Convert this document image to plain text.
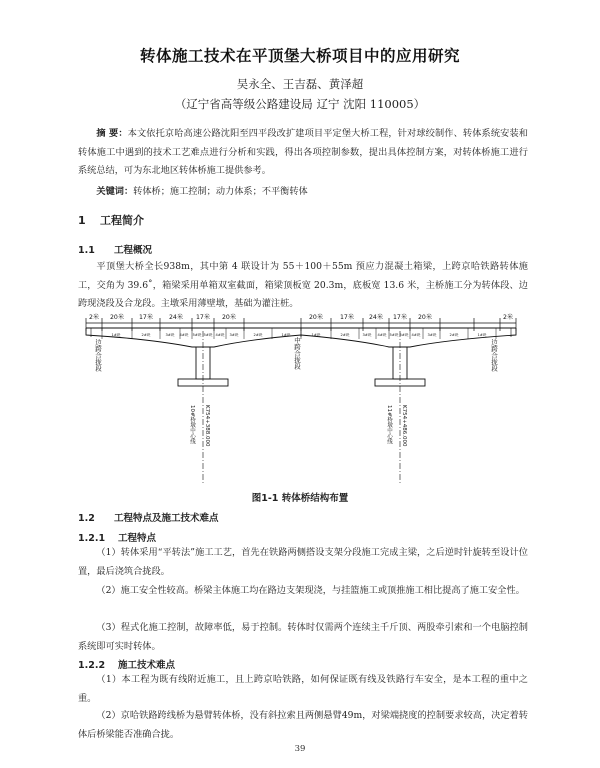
转体施工技术在平顶堡大桥项目中的应用研究
吴永全、王吉磊、黄泽超
（辽宁省高等级公路建设局 辽宁 沈阳 110005）
摘 要：本文依托京哈高速公路沈阳至四平段改扩建项目平定堡大桥工程，针对球绞制作、转体系统安装和转体施工中遇到的技术工艺难点进行分析和实践，得出各项控制参数，提出具体控制方案，对转体桥施工进行系统总结，可为东北地区转体桥施工提供参考。
关键词：转体桥；施工控制；动力体系；不平衡转体
1 工程简介
1.1 工程概况
平顶堡大桥全长938m，其中第 4 联设计为 55＋100＋55m 预应力混凝土箱梁，上跨京哈铁路转体施工，交角为 39.6˚，箱梁采用单箱双室截面，箱梁顶板宽 20.3m，底板宽 13.6 米，主桥施工分为转体段、边跨现浇段及合龙段。主墩采用薄壁墩，基础为灌注桩。
2米 20米 17米	24米 17米 20米	20米	17米 24米 17米 20米	2米
1#块	2#块	3#块 4#块 5#块 5#块 4#块 3#块	2#块	1#块	1#块	2#块	3#块 4#块 5#块 5#块 4#块 3#块	2#块	1#块
边跨合拢段	中跨合拢段	边跨合拢段
10#桥墩中心线 K754+388.000	11#桥墩中心线 K754+486.000
图1-1 转体桥结构布置
1.2 工程特点及施工技术难点
1.2.1 工程特点
（1）转体采用“平转法”施工工艺，首先在铁路两侧搭设支架分段施工完成主梁，之后逆时针旋转至设计位置，最后浇筑合拢段。
（2）施工安全性较高。桥梁主体施工均在路边支架现浇，与挂篮施工或顶推施工相比提高了施工安全性。
（3）程式化施工控制，故障率低，易于控制。转体时仅需两个连续主千斤顶、两股牵引索和一个电脑控制系统即可实时转体。
1.2.2 施工技术难点
（1）本工程为既有线附近施工，且上跨京哈铁路，如何保证既有线及铁路行车安全，是本工程的重中之重。
（2）京哈铁路跨线桥为悬臂转体桥，没有斜拉索且两侧悬臂49m，对梁端挠度的控制要求较高，决定着转体后桥梁能否准确合拢。
39
